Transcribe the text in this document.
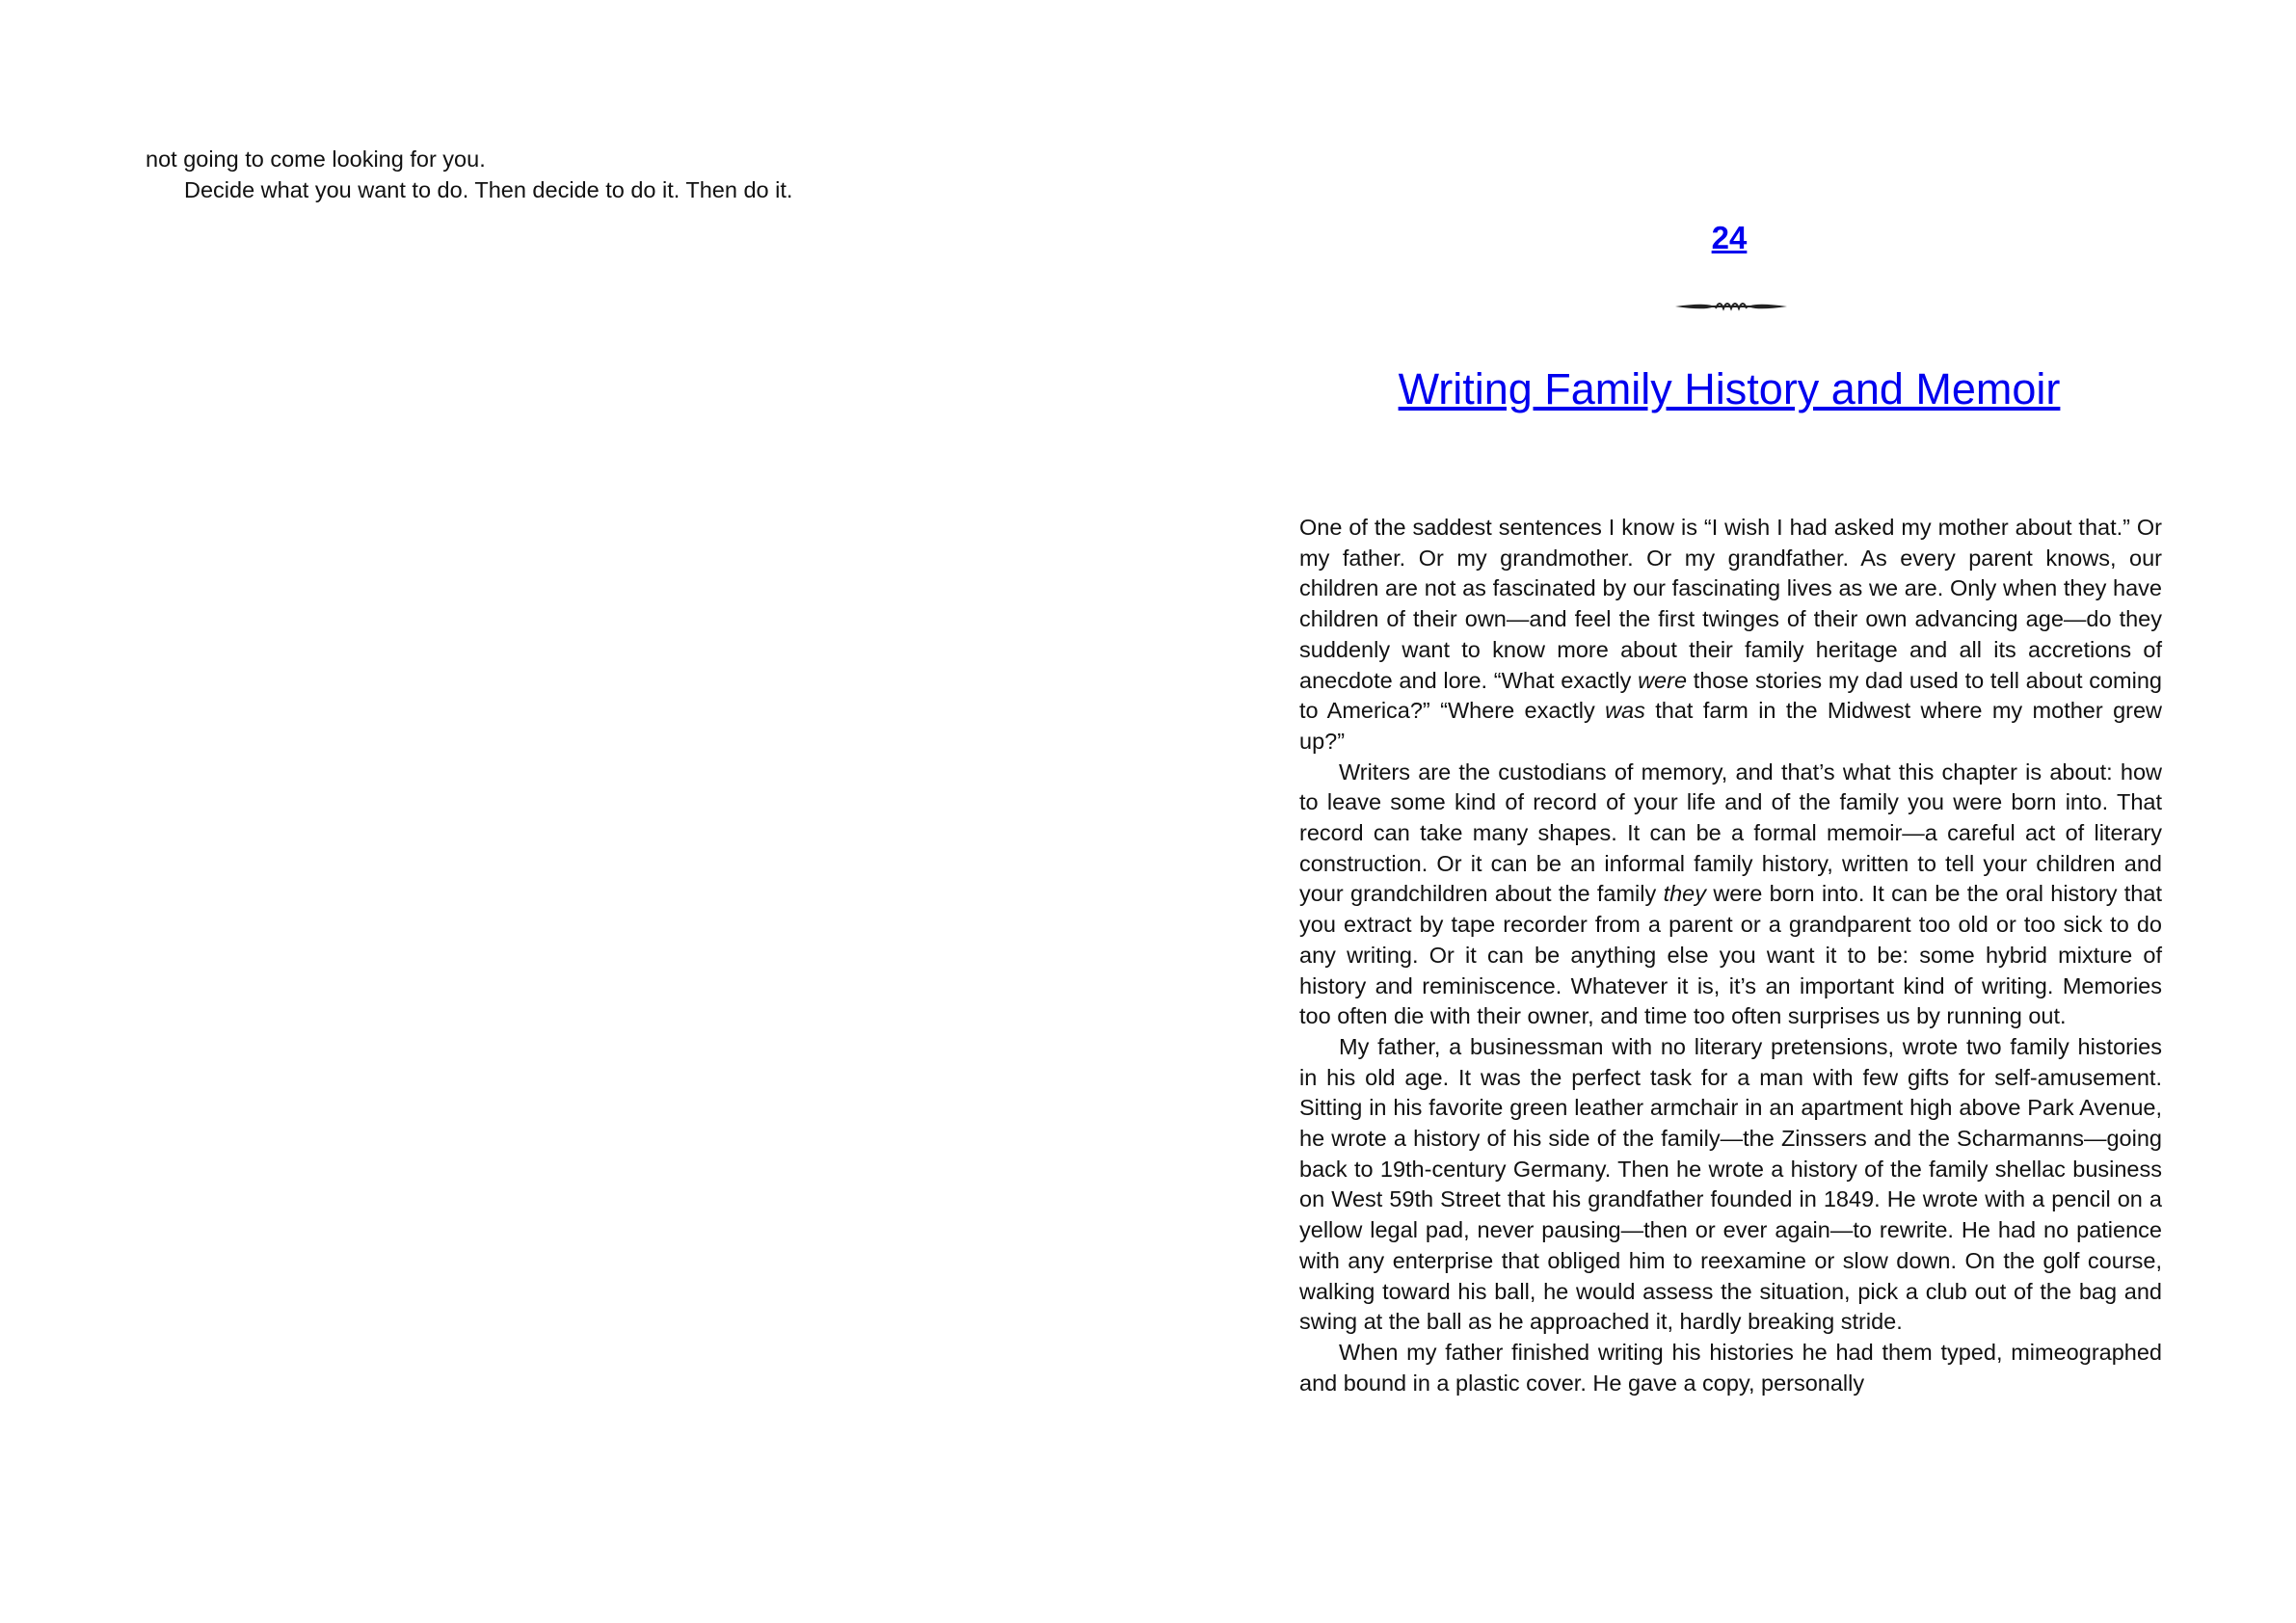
not going to come looking for you.

Decide what you want to do. Then decide to do it. Then do it.

24
Writing Family History and Memoir

One of the saddest sentences I know is “I wish I had asked my mother about that.” Or my father. Or my grandmother. Or my grandfather. As every parent knows, our children are not as fascinated by our fascinating lives as we are. Only when they have children of their own—and feel the first twinges of their own advancing age—do they suddenly want to know more about their family heritage and all its accretions of anecdote and lore. “What exactly were those stories my dad used to tell about coming to America?” “Where exactly was that farm in the Midwest where my mother grew up?”

Writers are the custodians of memory, and that’s what this chapter is about: how to leave some kind of record of your life and of the family you were born into. That record can take many shapes. It can be a formal memoir—a careful act of literary construction. Or it can be an informal family history, written to tell your children and your grandchildren about the family they were born into. It can be the oral history that you extract by tape recorder from a parent or a grandparent too old or too sick to do any writing. Or it can be anything else you want it to be: some hybrid mixture of history and reminiscence. Whatever it is, it’s an important kind of writing. Memories too often die with their owner, and time too often surprises us by running out.

My father, a businessman with no literary pretensions, wrote two family histories in his old age. It was the perfect task for a man with few gifts for self-amusement. Sitting in his favorite green leather armchair in an apartment high above Park Avenue, he wrote a history of his side of the family—the Zinssers and the Scharmanns—going back to 19th-century Germany. Then he wrote a history of the family shellac business on West 59th Street that his grandfather founded in 1849. He wrote with a pencil on a yellow legal pad, never pausing—then or ever again—to rewrite. He had no patience with any enterprise that obliged him to reexamine or slow down. On the golf course, walking toward his ball, he would assess the situation, pick a club out of the bag and swing at the ball as he approached it, hardly breaking stride.

When my father finished writing his histories he had them typed, mimeographed and bound in a plastic cover. He gave a copy, personally
